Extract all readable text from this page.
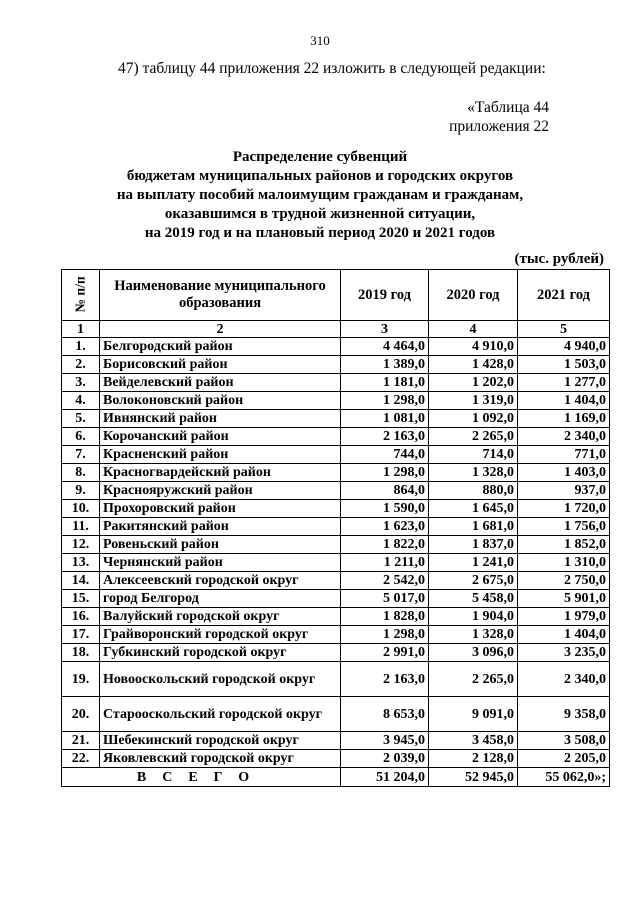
310
47) таблицу 44 приложения 22 изложить в следующей редакции:
«Таблица 44
приложения 22
Распределение субвенций
бюджетам муниципальных районов и городских округов
на выплату пособий малоимущим гражданам и гражданам,
оказавшимся в трудной жизненной ситуации,
на 2019 год и на плановый период 2020 и 2021 годов
(тыс. рублей)
№ п/п	Наименование муниципального образования	2019 год	2020 год	2021 год
1	2	3	4	5
1.	Белгородский район	4 464,0	4 910,0	4 940,0
2.	Борисовский район	1 389,0	1 428,0	1 503,0
3.	Вейделевский район	1 181,0	1 202,0	1 277,0
4.	Волоконовский район	1 298,0	1 319,0	1 404,0
5.	Ивнянский район	1 081,0	1 092,0	1 169,0
6.	Корочанский район	2 163,0	2 265,0	2 340,0
7.	Красненский район	744,0	714,0	771,0
8.	Красногвардейский район	1 298,0	1 328,0	1 403,0
9.	Краснояружский район	864,0	880,0	937,0
10.	Прохоровский район	1 590,0	1 645,0	1 720,0
11.	Ракитянский район	1 623,0	1 681,0	1 756,0
12.	Ровеньский район	1 822,0	1 837,0	1 852,0
13.	Чернянский район	1 211,0	1 241,0	1 310,0
14.	Алексеевский городской округ	2 542,0	2 675,0	2 750,0
15.	город Белгород	5 017,0	5 458,0	5 901,0
16.	Валуйский городской округ	1 828,0	1 904,0	1 979,0
17.	Грайворонский городской округ	1 298,0	1 328,0	1 404,0
18.	Губкинский городской округ	2 991,0	3 096,0	3 235,0
19.	Новооскольский городской округ	2 163,0	2 265,0	2 340,0
20.	Старооскольский городской округ	8 653,0	9 091,0	9 358,0
21.	Шебекинский городской округ	3 945,0	3 458,0	3 508,0
22.	Яковлевский городской округ	2 039,0	2 128,0	2 205,0
ВСЕГО		51 204,0	52 945,0	55 062,0»;
